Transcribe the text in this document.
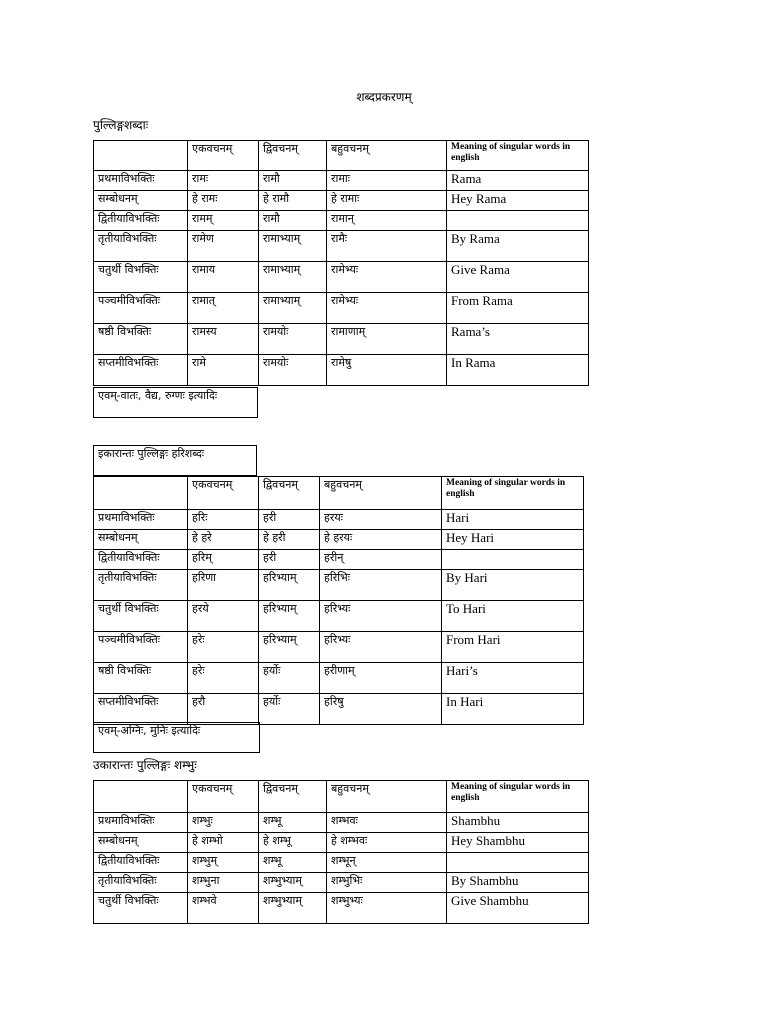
शब्दप्रकरणम्
पुल्लिङ्गशब्दाः
	एकवचनम्	द्विवचनम्	बहुवचनम्	Meaning of singular words in english
प्रथमाविभक्तिः	रामः	रामौ	रामाः	Rama
सम्बोधनम्	हे रामः	हे रामौ	हे रामाः	Hey Rama
द्वितीयाविभक्तिः	रामम्	रामौ	रामान्	
तृतीयाविभक्तिः	रामेण	रामाभ्याम्	रामैः	By Rama
चतुर्थी विभक्तिः	रामाय	रामाभ्याम्	रामेभ्यः	Give Rama
पञ्चमीविभक्तिः	रामात्	रामाभ्याम्	रामेभ्यः	From Rama
षष्ठी विभक्तिः	रामस्य	रामयोः	रामाणाम्	Rama’s
सप्तमीविभक्तिः	रामे	रामयोः	रामेषु	In Rama
एवम्-वातः, वैद्य, रुग्णः इत्यादिः
इकारान्तः पुल्लिङ्गः हरिशब्दः
	एकवचनम्	द्विवचनम्	बहुवचनम्	Meaning of singular words in english
प्रथमाविभक्तिः	हरिः	हरी	हरयः	Hari
सम्बोधनम्	हे हरे	हे हरी	हे हरयः	Hey Hari
द्वितीयाविभक्तिः	हरिम्	हरी	हरीन्	
तृतीयाविभक्तिः	हरिणा	हरिभ्याम्	हरिभिः	By Hari
चतुर्थी विभक्तिः	हरये	हरिभ्याम्	हरिभ्यः	To Hari
पञ्चमीविभक्तिः	हरेः	हरिभ्याम्	हरिभ्यः	From Hari
षष्ठी विभक्तिः	हरेः	हर्योः	हरीणाम्	Hari’s
सप्तमीविभक्तिः	हरौ	हर्योः	हरिषु	In Hari
एवम्-अग्निः, मुनिः इत्यादिः
उकारान्तः पुल्लिङ्गः शम्भुः
	एकवचनम्	द्विवचनम्	बहुवचनम्	Meaning of singular words in english
प्रथमाविभक्तिः	शम्भुः	शम्भू	शम्भवः	Shambhu
सम्बोधनम्	हे शम्भो	हे शम्भू	हे शम्भवः	Hey Shambhu
द्वितीयाविभक्तिः	शम्भुम्	शम्भू	शम्भून्	
तृतीयाविभक्तिः	शम्भुना	शम्भुभ्याम्	शम्भुभिः	By Shambhu
चतुर्थी विभक्तिः	शम्भवे	शम्भुभ्याम्	शम्भुभ्यः	Give Shambhu
